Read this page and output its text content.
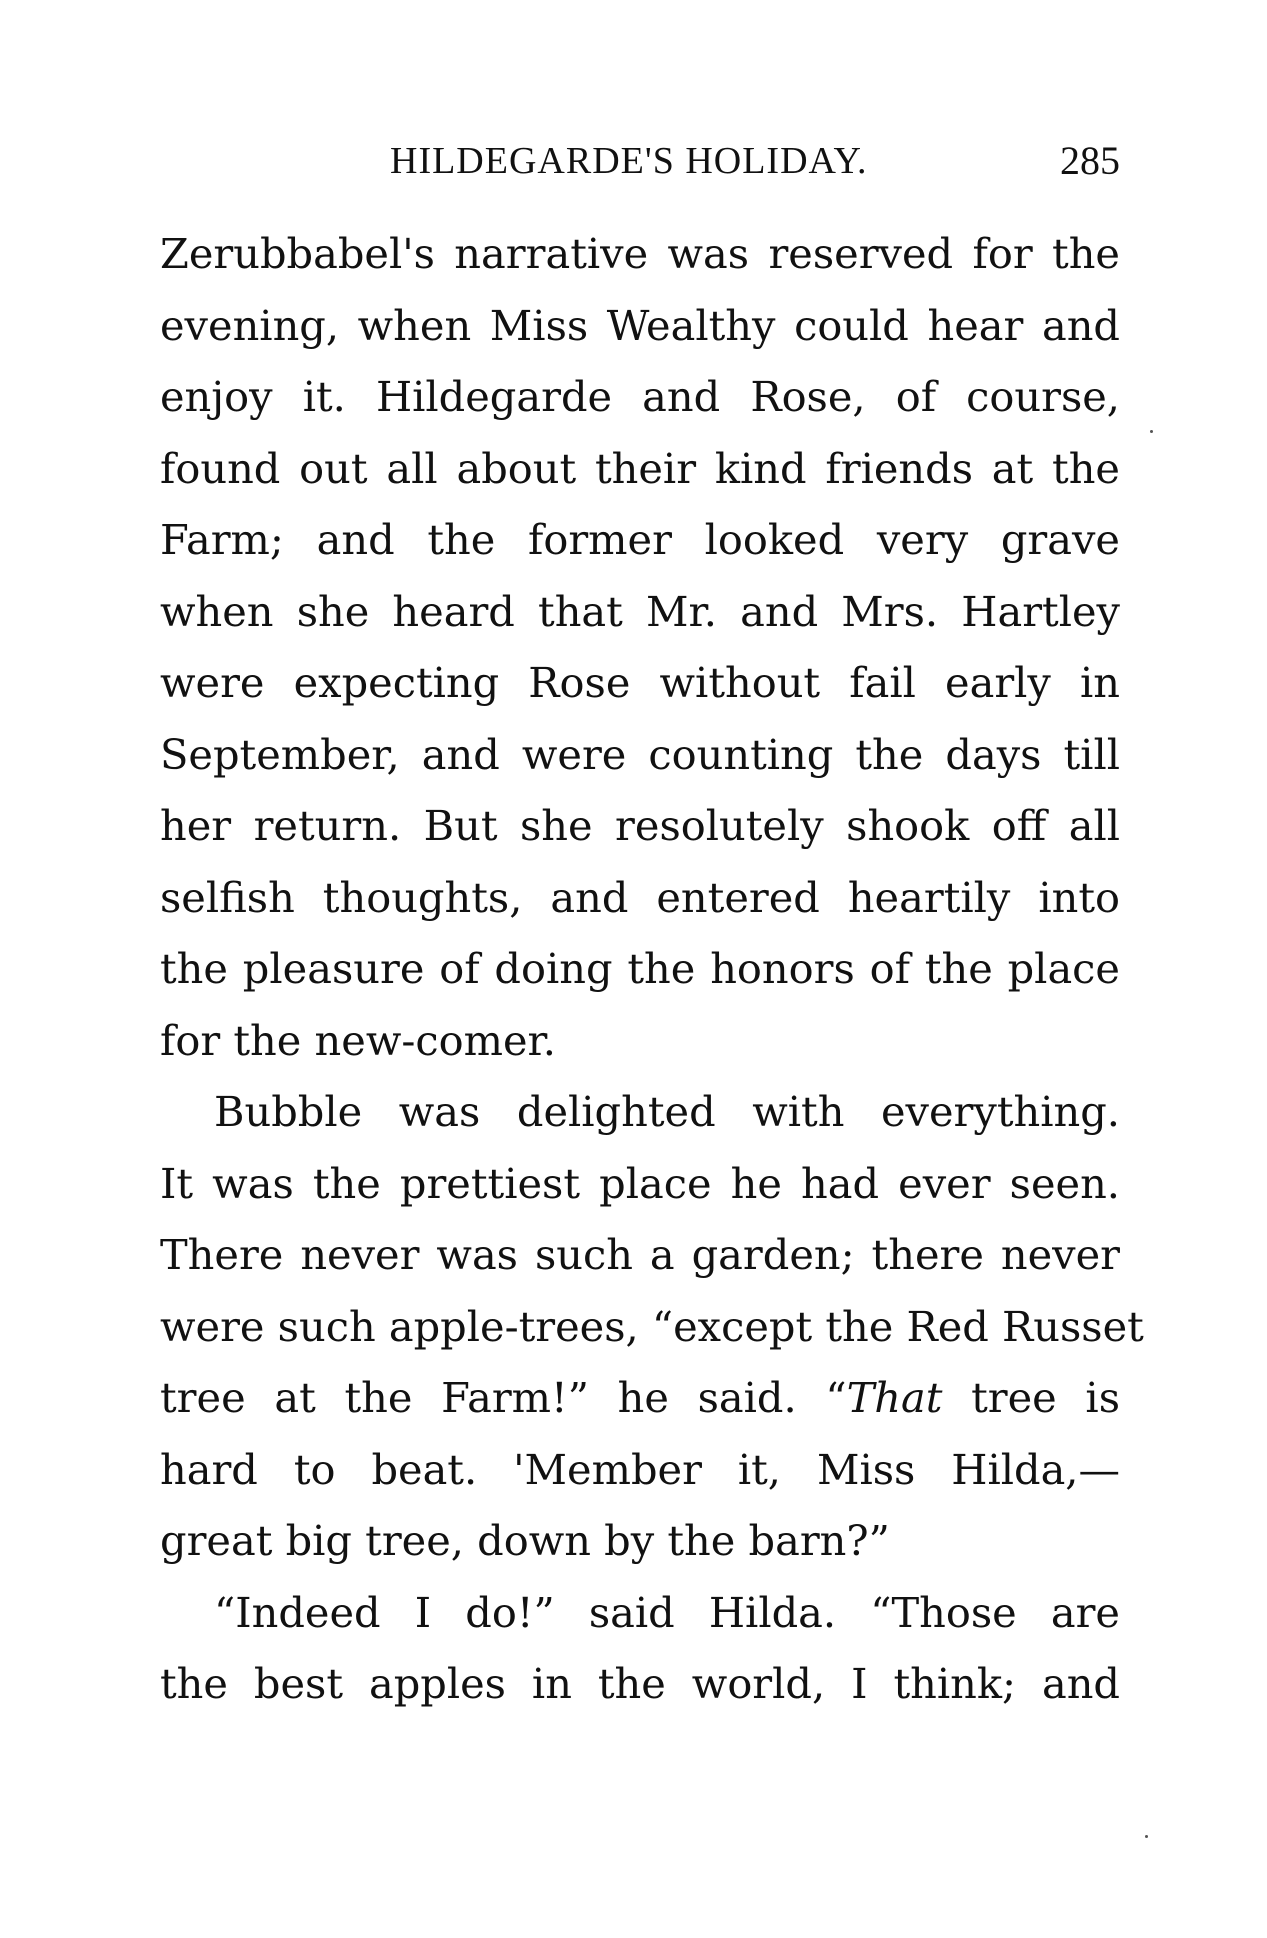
HILDEGARDE'S HOLIDAY.	285
Zerubbabel's narrative was reserved for the
evening, when Miss Wealthy could hear and
enjoy it. Hildegarde and Rose, of course,
found out all about their kind friends at the
Farm; and the former looked very grave
when she heard that Mr. and Mrs. Hartley
were expecting Rose without fail early in
September, and were counting the days till
her return. But she resolutely shook off all
selfish thoughts, and entered heartily into
the pleasure of doing the honors of the place
for the new-comer.
Bubble was delighted with everything.
It was the prettiest place he had ever seen.
There never was such a garden; there never
were such apple-trees, “except the Red Russet
tree at the Farm!” he said. “That tree is
hard to beat. 'Member it, Miss Hilda,—
great big tree, down by the barn?”
“Indeed I do!” said Hilda. “Those are
the best apples in the world, I think; and
